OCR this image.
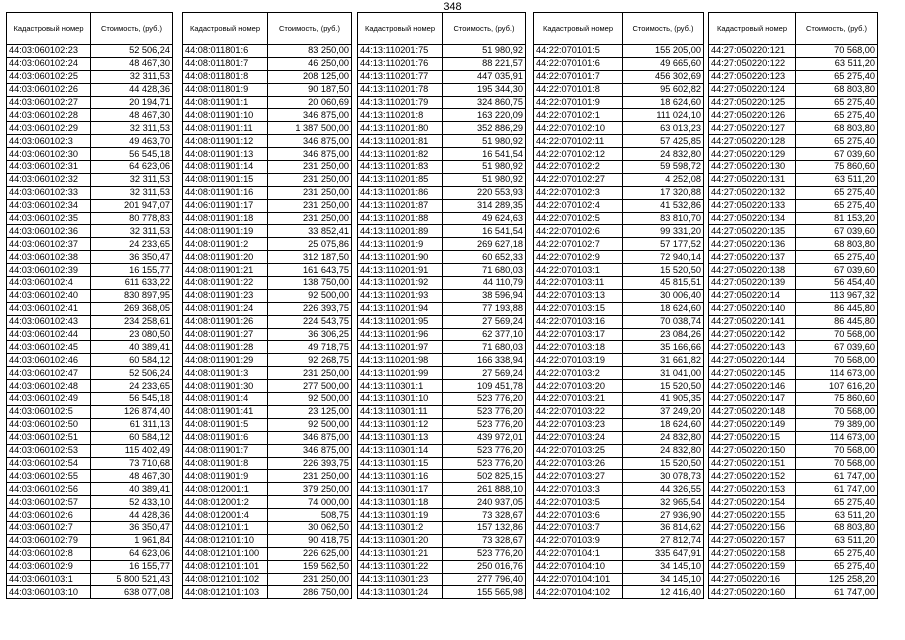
348
Кадастровый номер	Стоимость, (руб.)
44:03:060102:23	52 506,24
44:03:060102:24	48 467,30
44:03:060102:25	32 311,53
44:03:060102:26	44 428,36
44:03:060102:27	20 194,71
44:03:060102:28	48 467,30
44:03:060102:29	32 311,53
44:03:060102:3	49 463,70
44:03:060102:30	56 545,18
44:03:060102:31	64 623,06
44:03:060102:32	32 311,53
44:03:060102:33	32 311,53
44:03:060102:34	201 947,07
44:03:060102:35	80 778,83
44:03:060102:36	32 311,53
44:03:060102:37	24 233,65
44:03:060102:38	36 350,47
44:03:060102:39	16 155,77
44:03:060102:4	611 633,22
44:03:060102:40	830 897,95
44:03:060102:41	269 368,05
44:03:060102:43	234 258,61
44:03:060102:44	23 080,50
44:03:060102:45	40 389,41
44:03:060102:46	60 584,12
44:03:060102:47	52 506,24
44:03:060102:48	24 233,65
44:03:060102:49	56 545,18
44:03:060102:5	126 874,40
44:03:060102:50	61 311,13
44:03:060102:51	60 584,12
44:03:060102:53	115 402,49
44:03:060102:54	73 710,68
44:03:060102:55	48 467,30
44:03:060102:56	40 389,41
44:03:060102:57	52 433,10
44:03:060102:6	44 428,36
44:03:060102:7	36 350,47
44:03:060102:79	1 961,84
44:03:060102:8	64 623,06
44:03:060102:9	16 155,77
44:03:060103:1	5 800 521,43
44:03:060103:10	638 077,08
Кадастровый номер	Стоимость, (руб.)
44:08:011801:6	83 250,00
44:08:011801:7	46 250,00
44:08:011801:8	208 125,00
44:08:011801:9	90 187,50
44:08:011901:1	20 060,69
44:08:011901:10	346 875,00
44:08:011901:11	1 387 500,00
44:08:011901:12	346 875,00
44:08:011901:13	346 875,00
44:08:011901:14	231 250,00
44:08:011901:15	231 250,00
44:08:011901:16	231 250,00
44:06:011901:17	231 250,00
44:08:011901:18	231 250,00
44:08:011901:19	33 852,41
44:08:011901:2	25 075,86
44:08:011901:20	312 187,50
44:08:011901:21	161 643,75
44:08:011901:22	138 750,00
44:08:011901:23	92 500,00
44:08:011901:24	226 393,75
44:08:011901:26	224 543,75
44:08:011901:27	36 306,25
44:08:011901:28	49 718,75
44:08:011901:29	92 268,75
44:08:011901:3	231 250,00
44:08:011901:30	277 500,00
44:08:011901:4	92 500,00
44:08:011901:41	23 125,00
44:08:011901:5	92 500,00
44:08:011901:6	346 875,00
44:08:011901:7	346 875,00
44:08:011901:8	226 393,75
44:08:011901:9	231 250,00
44:08:012001:1	379 250,00
44:08:012001:2	74 000,00
44:08:012001:4	508,75
44:08:012101:1	30 062,50
44:08:012101:10	90 418,75
44:08:012101:100	226 625,00
44:08:012101:101	159 562,50
44:08:012101:102	231 250,00
44:08:012101:103	286 750,00
Кадастровый номер	Стоимость, (руб.)
44:13:110201:75	51 980,92
44:13:110201:76	88 221,57
44:13:110201:77	447 035,91
44:13:110201:78	195 344,30
44:13:110201:79	324 860,75
44:13:110201:8	163 220,09
44:13:110201:80	352 886,29
44:13:110201:81	51 980,92
44:13:110201:82	16 541,54
44:13:110201:83	51 980,92
44:13:110201:85	51 980,92
44:13:110201:86	220 553,93
44:13:110201:87	314 289,35
44:13:110201:88	49 624,63
44:13:110201:89	16 541,54
44:13:110201:9	269 627,18
44:13:110201:90	60 652,33
44:13:110201:91	71 680,03
44:13:110201:92	44 110,79
44:13:110201:93	38 596,94
44:13:110201:94	77 193,88
44:13:110201:95	27 569,24
44:13:110201:96	62 377,10
44:13:110201:97	71 680,03
44:13:110201:98	166 338,94
44:13:110201:99	27 569,24
44:13:110301:1	109 451,78
44:13:110301:10	523 776,20
44:13:110301:11	523 776,20
44:13:110301:12	523 776,20
44:13:110301:13	439 972,01
44:13:110301:14	523 776,20
44:13:110301:15	523 776,20
44:13:110301:16	502 825,15
44:13:110301:17	261 888,10
44:13:110301:18	240 937,05
44:13:110301:19	73 328,67
44:13:110301:2	157 132,86
44:13:110301:20	73 328,67
44:13:110301:21	523 776,20
44:13:110301:22	250 016,76
44:13:110301:23	277 796,40
44:13:110301:24	155 565,98
Кадастровый номер	Стоимость, (руб.)
44:22:070101:5	155 205,00
44:22:070101:6	49 665,60
44:22:070101:7	456 302,69
44:22:070101:8	95 602,82
44:22:070101:9	18 624,60
44:22:070102:1	111 024,10
44:22:070102:10	63 013,23
44:22:070102:11	57 425,85
44:22:070102:12	24 832,80
44:22:070102:2	59 598,72
44:22:070102:27	4 252,08
44:22:070102:3	17 320,88
44:22:070102:4	41 532,86
44:22:070102:5	83 810,70
44:22:070102:6	99 331,20
44:22:070102:7	57 177,52
44:22:070102:9	72 940,14
44:22:070103:1	15 520,50
44:22:070103:11	45 815,51
44:22:070103:13	30 006,40
44:22:070103:15	18 624,60
44:22:070103:16	70 038,74
44:22:070103:17	23 084,26
44:22:070103:18	35 166,66
44:22:070103:19	31 661,82
44:22:070103:2	31 041,00
44:22:070103:20	15 520,50
44:22:070103:21	41 905,35
44:22:070103:22	37 249,20
44:22:070103:23	18 624,60
44:22:070103:24	24 832,80
44:22:070103:25	24 832,80
44:22:070103:26	15 520,50
44:22:070103:27	30 078,73
44:22:070103:3	44 326,55
44:22:070103:5	32 965,54
44:22:070103:6	27 936,90
44:22:070103:7	36 814,62
44:22:070103:9	27 812,74
44:22:070104:1	335 647,91
44:22:070104:10	34 145,10
44:22:070104:101	34 145,10
44:22:070104:102	12 416,40
Кадастровый номер	Стоимость, (руб.)
44:27:050220:121	70 568,00
44:27:050220:122	63 511,20
44:27:050220:123	65 275,40
44:27:050220:124	68 803,80
44:27:050220:125	65 275,40
44:27:050220:126	65 275,40
44:27:050220:127	68 803,80
44:27:050220:128	65 275,40
44:27:050220:129	67 039,60
44:27:050220:130	75 860,60
44:27:050220:131	63 511,20
44:27:050220:132	65 275,40
44:27:050220:133	65 275,40
44:27:050220:134	81 153,20
44:27:050220:135	67 039,60
44:27:050220:136	68 803,80
44:27:050220:137	65 275,40
44:27:050220:138	67 039,60
44:27:050220:139	56 454,40
44:27:050220:14	113 967,32
44:27:050220:140	86 445,80
44:27:050220:141	86 445,80
44:27:050220:142	70 568,00
44:27:050220:143	67 039,60
44:27:050220:144	70 568,00
44:27:050220:145	114 673,00
44:27:050220:146	107 616,20
44:27:050220:147	75 860,60
44:27:050220:148	70 568,00
44:27:050220:149	79 389,00
44:27:050220:15	114 673,00
44:27:050220:150	70 568,00
44:27:050220:151	70 568,00
44:27:050220:152	61 747,00
44:27:050220:153	61 747,00
44:27:050220:154	65 275,40
44:27:050220:155	63 511,20
44:27:050220:156	68 803,80
44:27:050220:157	63 511,20
44:27:050220:158	65 275,40
44:27:050220:159	65 275,40
44:27:050220:16	125 258,20
44:27:050220:160	61 747,00
